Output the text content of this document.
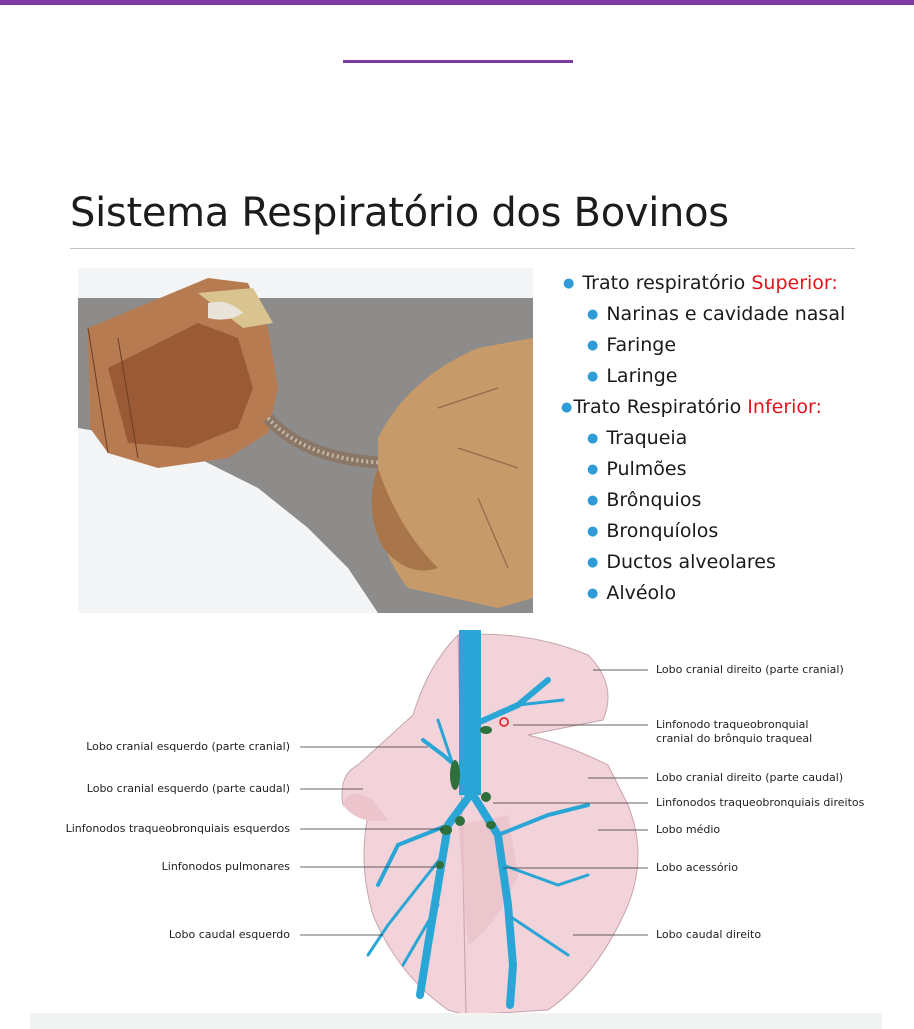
Sistema Respiratório dos Bovinos
● Trato respiratório Superior:
● Narinas e cavidade nasal
● Faringe
● Laringe
●Trato Respiratório Inferior:
● Traqueia
● Pulmões
● Brônquios
● Bronquíolos
● Ductos alveolares
● Alvéolo
Lobo cranial esquerdo (parte cranial)
Lobo cranial esquerdo (parte caudal)
Linfonodos traqueobronquiais esquerdos
Linfonodos pulmonares
Lobo caudal esquerdo
Lobo cranial direito (parte cranial)
Linfonodo traqueobronquial
cranial do brônquio traqueal
Lobo cranial direito (parte caudal)
Linfonodos traqueobronquiais direitos
Lobo médio
Lobo acessório
Lobo caudal direito
